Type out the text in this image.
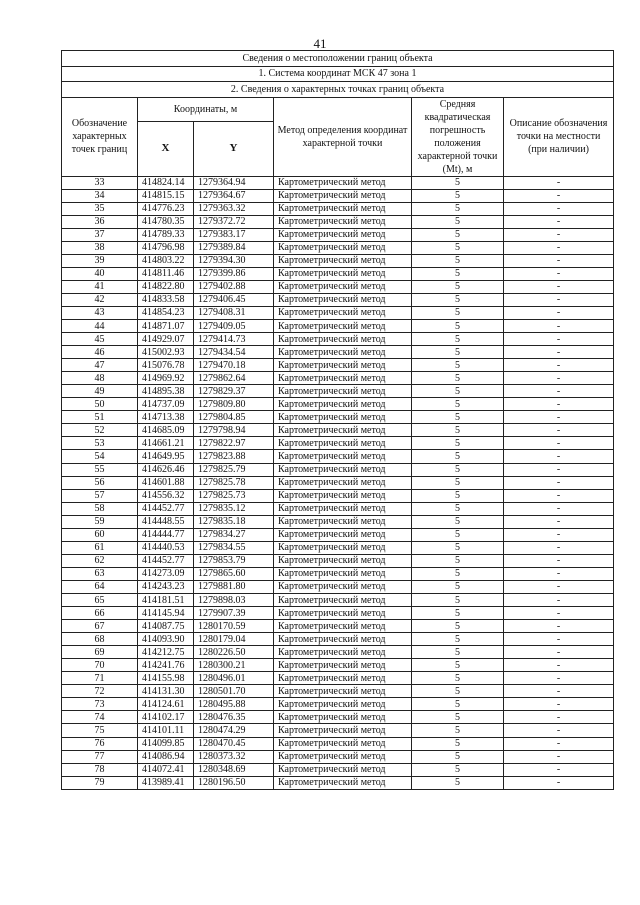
41
Сведения о местоположении границ объекта					
1. Система координат МСК 47 зона 1					
2. Сведения о характерных точках границ объекта					
Обозначение характерных точек границ	Координаты, м		Метод определения координат характерной точки	Средняя квадратическая погрешность положения характерной точки (Mt), м	Описание обозначения точки на местности (при наличии)
	X	Y			
33	414824.14	1279364.94	Картометрический метод	5	-
34	414815.15	1279364.67	Картометрический метод	5	-
35	414776.23	1279363.32	Картометрический метод	5	-
36	414780.35	1279372.72	Картометрический метод	5	-
37	414789.33	1279383.17	Картометрический метод	5	-
38	414796.98	1279389.84	Картометрический метод	5	-
39	414803.22	1279394.30	Картометрический метод	5	-
40	414811.46	1279399.86	Картометрический метод	5	-
41	414822.80	1279402.88	Картометрический метод	5	-
42	414833.58	1279406.45	Картометрический метод	5	-
43	414854.23	1279408.31	Картометрический метод	5	-
44	414871.07	1279409.05	Картометрический метод	5	-
45	414929.07	1279414.73	Картометрический метод	5	-
46	415002.93	1279434.54	Картометрический метод	5	-
47	415076.78	1279470.18	Картометрический метод	5	-
48	414969.92	1279862.64	Картометрический метод	5	-
49	414895.38	1279829.37	Картометрический метод	5	-
50	414737.09	1279809.80	Картометрический метод	5	-
51	414713.38	1279804.85	Картометрический метод	5	-
52	414685.09	1279798.94	Картометрический метод	5	-
53	414661.21	1279822.97	Картометрический метод	5	-
54	414649.95	1279823.88	Картометрический метод	5	-
55	414626.46	1279825.79	Картометрический метод	5	-
56	414601.88	1279825.78	Картометрический метод	5	-
57	414556.32	1279825.73	Картометрический метод	5	-
58	414452.77	1279835.12	Картометрический метод	5	-
59	414448.55	1279835.18	Картометрический метод	5	-
60	414444.77	1279834.27	Картометрический метод	5	-
61	414440.53	1279834.55	Картометрический метод	5	-
62	414452.77	1279853.79	Картометрический метод	5	-
63	414273.09	1279865.60	Картометрический метод	5	-
64	414243.23	1279881.80	Картометрический метод	5	-
65	414181.51	1279898.03	Картометрический метод	5	-
66	414145.94	1279907.39	Картометрический метод	5	-
67	414087.75	1280170.59	Картометрический метод	5	-
68	414093.90	1280179.04	Картометрический метод	5	-
69	414212.75	1280226.50	Картометрический метод	5	-
70	414241.76	1280300.21	Картометрический метод	5	-
71	414155.98	1280496.01	Картометрический метод	5	-
72	414131.30	1280501.70	Картометрический метод	5	-
73	414124.61	1280495.88	Картометрический метод	5	-
74	414102.17	1280476.35	Картометрический метод	5	-
75	414101.11	1280474.29	Картометрический метод	5	-
76	414099.85	1280470.45	Картометрический метод	5	-
77	414086.94	1280373.32	Картометрический метод	5	-
78	414072.41	1280348.69	Картометрический метод	5	-
79	413989.41	1280196.50	Картометрический метод	5	-
